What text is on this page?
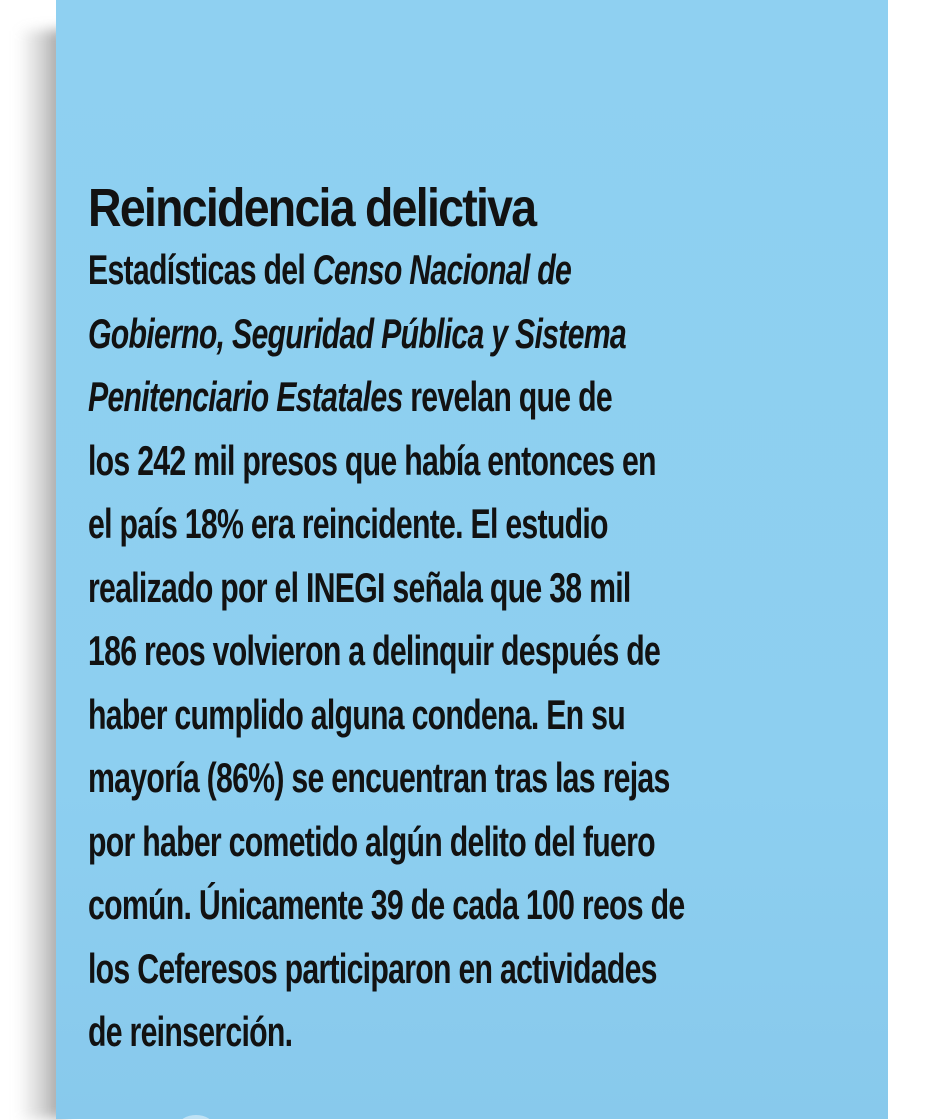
Reincidencia delictiva
Estadísticas del Censo Nacional de
Gobierno, Seguridad Pública y Sistema
Penitenciario Estatales revelan que de
los 242 mil presos que había entonces en
el país 18% era reincidente. El estudio
realizado por el INEGI señala que 38 mil
186 reos volvieron a delinquir después de
haber cumplido alguna condena. En su
mayoría (86%) se encuentran tras las rejas
por haber cometido algún delito del fuero
común. Únicamente 39 de cada 100 reos de
los Ceferesos participaron en actividades
de reinserción.
